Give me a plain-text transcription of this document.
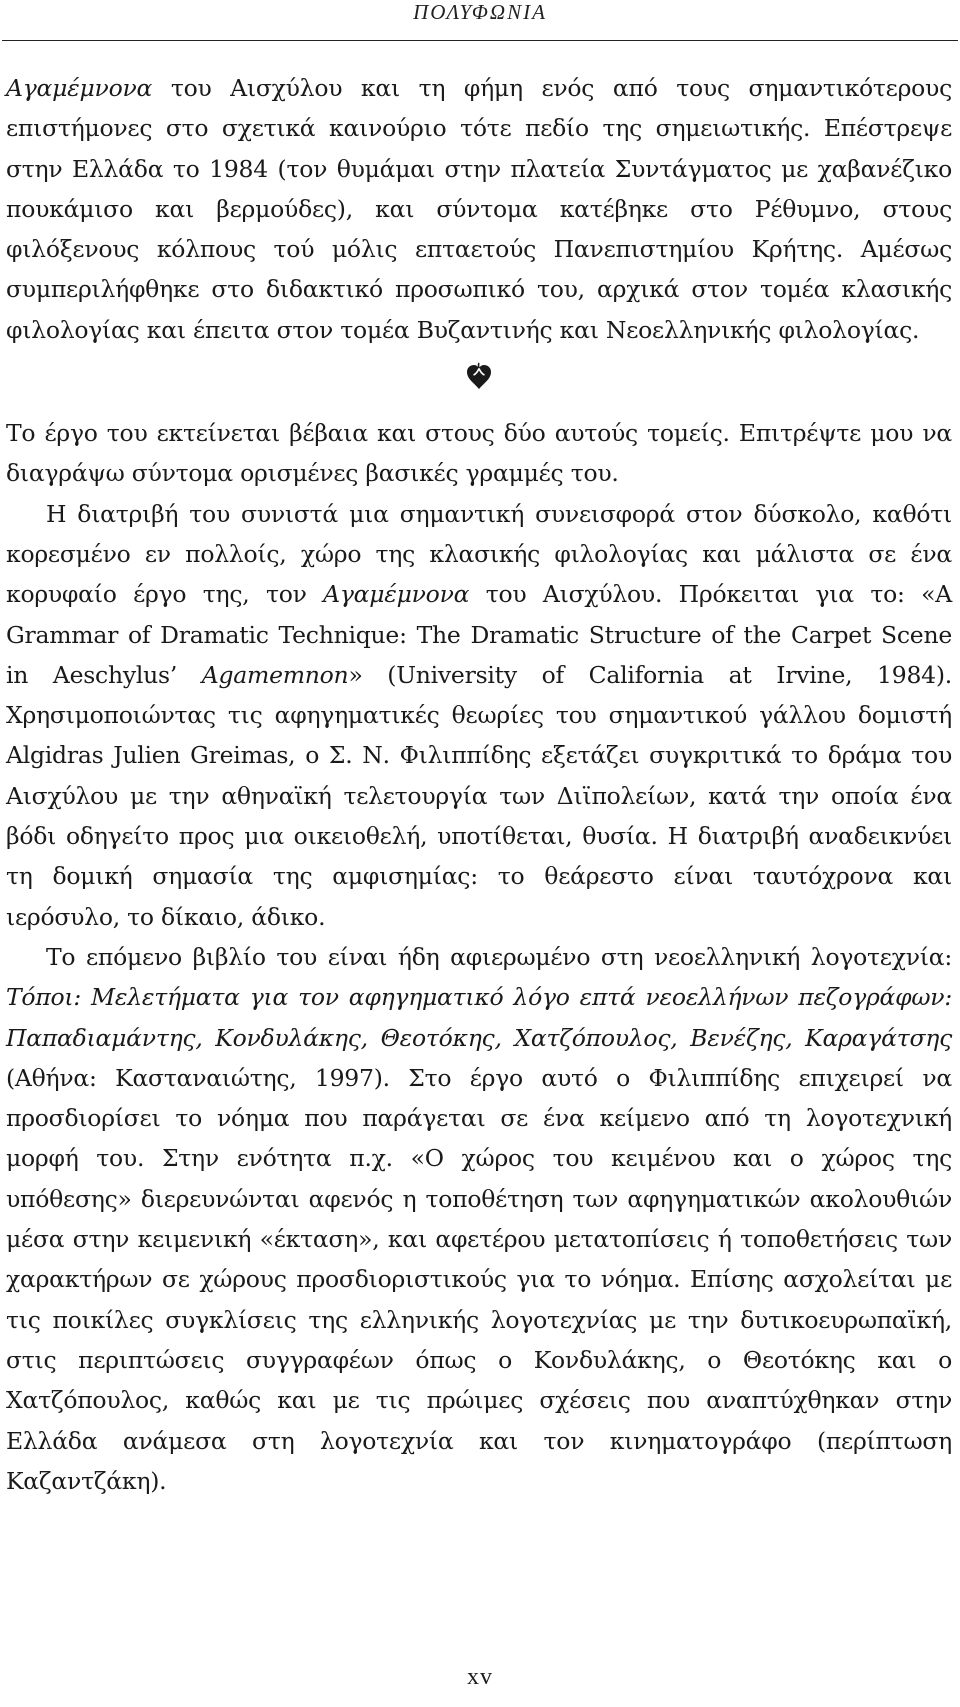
ΠΟΛΥΦΩΝΙΑ

Αγαμέμνονα του Αισχύλου και τη φήμη ενός από τους σημαντικότερους επιστήμονες στο σχετικά καινούριο τότε πεδίο της σημειωτικής. Επέστρεψε στην Ελλάδα το 1984 (τον θυμάμαι στην πλατεία Συντάγματος με χαβανέζικο πουκάμισο και βερμούδες), και σύντομα κατέβηκε στο Ρέθυμνο, στους φιλόξενους κόλπους τού μόλις επταετούς Πανεπιστημίου Κρήτης. Αμέσως συμπεριλήφθηκε στο διδακτικό προσωπικό του, αρχικά στον τομέα κλασικής φιλολογίας και έπειτα στον τομέα Βυζαντινής και Νεοελληνικής φιλολογίας.

Το έργο του εκτείνεται βέβαια και στους δύο αυτούς τομείς. Επιτρέψτε μου να διαγράψω σύντομα ορισμένες βασικές γραμμές του.

Η διατριβή του συνιστά μια σημαντική συνεισφορά στον δύσκολο, καθότι κορεσμένο εν πολλοίς, χώρο της κλασικής φιλολογίας και μάλιστα σε ένα κορυφαίο έργο της, τον Αγαμέμνονα του Αισχύλου. Πρόκειται για το: «A Grammar of Dramatic Technique: The Dramatic Structure of the Carpet Scene in Aeschylus’ Agamemnon» (University of California at Irvine, 1984). Χρησιμοποιώντας τις αφηγηματικές θεωρίες του σημαντικού γάλλου δομιστή Algidras Julien Greimas, ο Σ. Ν. Φιλιππίδης εξετάζει συγκριτικά το δράμα του Αισχύλου με την αθηναϊκή τελετουργία των Διϊπολείων, κατά την οποία ένα βόδι οδηγείτο προς μια οικειοθελή, υποτίθεται, θυσία. Η διατριβή αναδεικνύει τη δομική σημασία της αμφισημίας: το θεάρεστο είναι ταυτόχρονα και ιερόσυλο, το δίκαιο, άδικο.

Το επόμενο βιβλίο του είναι ήδη αφιερωμένο στη νεοελληνική λογοτεχνία: Τόποι: Μελετήματα για τον αφηγηματικό λόγο επτά νεοελλήνων πεζογράφων: Παπαδιαμάντης, Κονδυλάκης, Θεοτόκης, Χατζόπουλος, Βενέζης, Καραγάτσης (Αθήνα: Κασταναιώτης, 1997). Στο έργο αυτό ο Φιλιππίδης επιχειρεί να προσδιορίσει το νόημα που παράγεται σε ένα κείμενο από τη λογοτεχνική μορφή του. Στην ενότητα π.χ. «Ο χώρος του κειμένου και ο χώρος της υπόθεσης» διερευνώνται αφενός η τοποθέτηση των αφηγηματικών ακολουθιών μέσα στην κειμενική «έκταση», και αφετέρου μετατοπίσεις ή τοποθετήσεις των χαρακτήρων σε χώρους προσδιοριστικούς για το νόημα. Επίσης ασχολείται με τις ποικίλες συγκλίσεις της ελληνικής λογοτεχνίας με την δυτικοευρωπαϊκή, στις περιπτώσεις συγγραφέων όπως ο Κονδυλάκης, ο Θεοτόκης και ο Χατζόπουλος, καθώς και με τις πρώιμες σχέσεις που αναπτύχθηκαν στην Ελλάδα ανάμεσα στη λογοτεχνία και τον κινηματογράφο (περίπτωση Καζαντζάκη).

xv
